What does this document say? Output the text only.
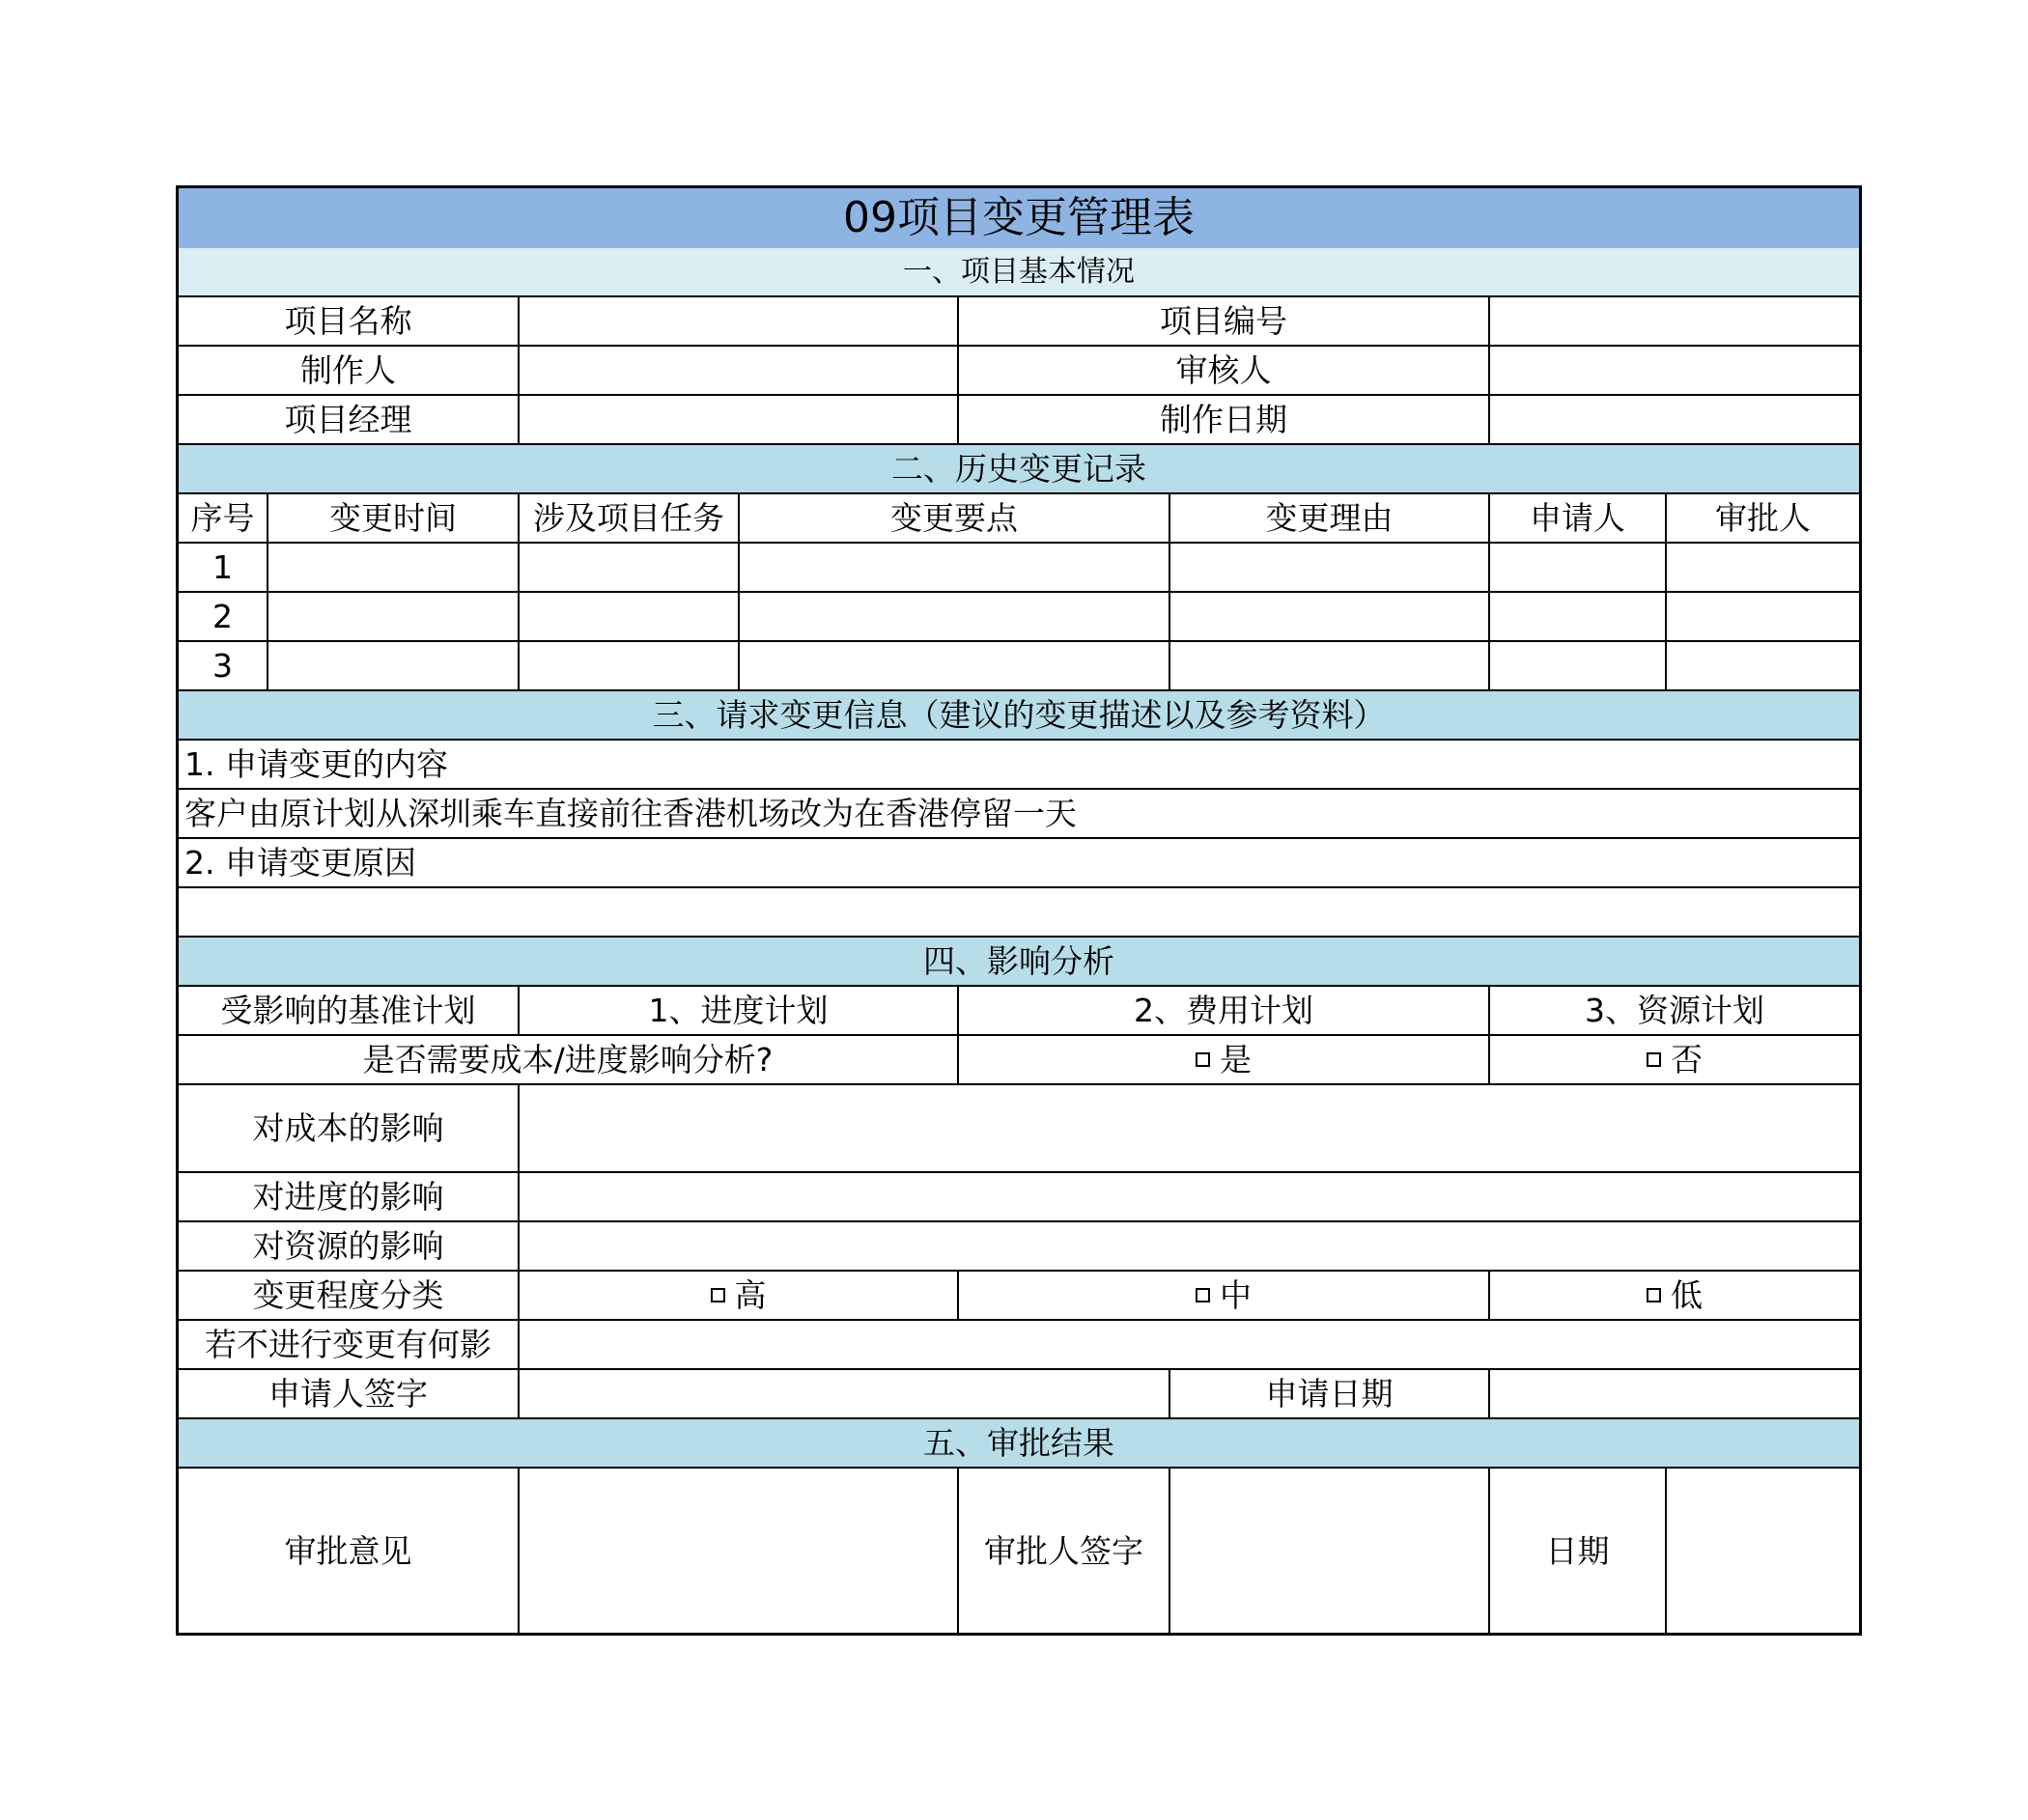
09项目变更管理表
一、项目基本情况
项目名称	项目编号
制作人	审核人
项目经理	制作日期
二、历史变更记录
序号	变更时间	涉及项目任务	变更要点	变更理由	申请人	审批人
1
2
3
三、请求变更信息（建议的变更描述以及参考资料）
1. 申请变更的内容
客户由原计划从深圳乘车直接前往香港机场改为在香港停留一天
2. 申请变更原因
四、影响分析
受影响的基准计划	1、进度计划	2、费用计划	3、资源计划
是否需要成本/进度影响分析?	是	否
对成本的影响
对进度的影响
对资源的影响
变更程度分类	高	中	低
若不进行变更有何影
申请人签字	申请日期
五、审批结果
审批意见	审批人签字	日期
